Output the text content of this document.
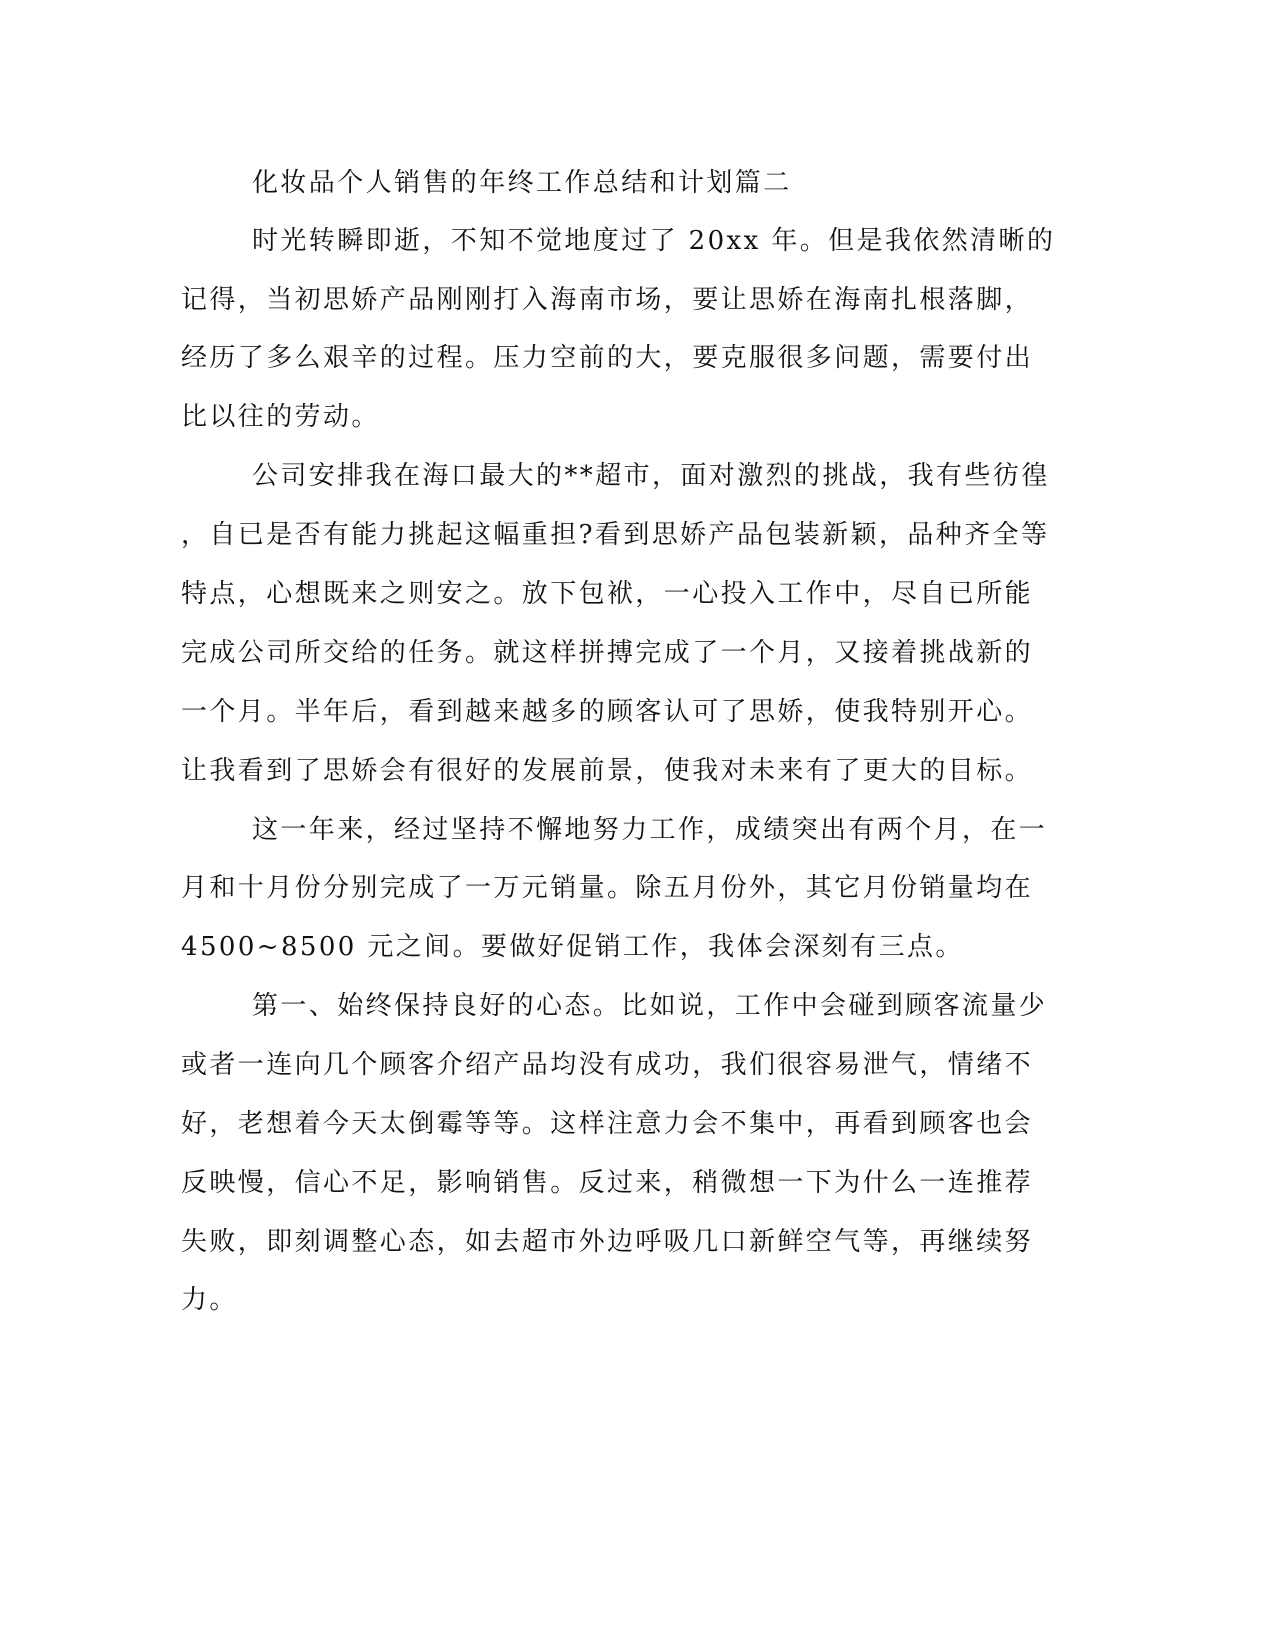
化妆品个人销售的年终工作总结和计划篇二
时光转瞬即逝，不知不觉地度过了 20xx 年。但是我依然清晰的
记得，当初思娇产品刚刚打入海南市场，要让思娇在海南扎根落脚，
经历了多么艰辛的过程。压力空前的大，要克服很多问题，需要付出
比以往的劳动。
公司安排我在海口最大的**超市，面对激烈的挑战，我有些彷徨
，自已是否有能力挑起这幅重担?看到思娇产品包装新颖，品种齐全等
特点，心想既来之则安之。放下包袱，一心投入工作中，尽自已所能
完成公司所交给的任务。就这样拼搏完成了一个月，又接着挑战新的
一个月。半年后，看到越来越多的顾客认可了思娇，使我特别开心。
让我看到了思娇会有很好的发展前景，使我对未来有了更大的目标。
这一年来，经过坚持不懈地努力工作，成绩突出有两个月，在一
月和十月份分别完成了一万元销量。除五月份外，其它月份销量均在
4500~8500 元之间。要做好促销工作，我体会深刻有三点。
第一、始终保持良好的心态。比如说，工作中会碰到顾客流量少
或者一连向几个顾客介绍产品均没有成功，我们很容易泄气，情绪不
好，老想着今天太倒霉等等。这样注意力会不集中，再看到顾客也会
反映慢，信心不足，影响销售。反过来，稍微想一下为什么一连推荐
失败，即刻调整心态，如去超市外边呼吸几口新鲜空气等，再继续努
力。
